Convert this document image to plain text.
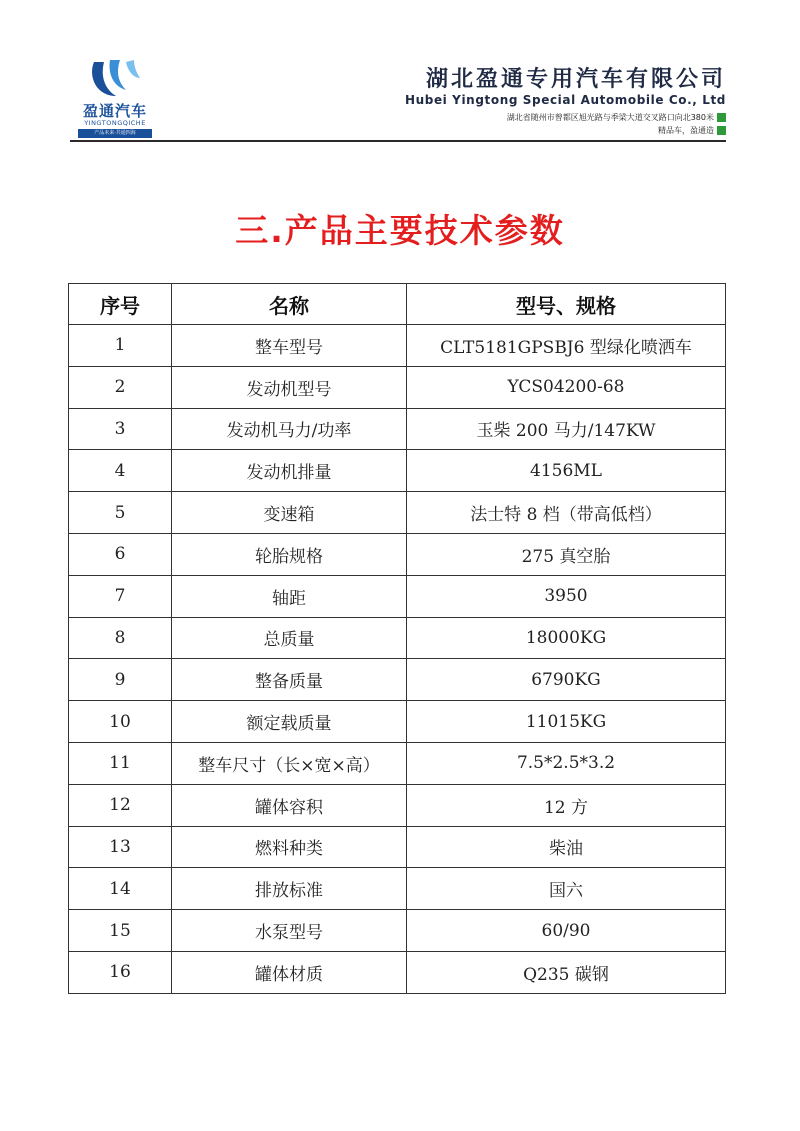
盈通汽车
YINGTONGQICHE
产品未来·共通四海
湖北盈通专用汽车有限公司
Hubei Yingtong Special Automobile Co., Ltd
湖北省随州市曾都区旭光路与季梁大道交叉路口向北380米
精品车，盈通造
三.产品主要技术参数
序号	名称	型号、规格
1	整车型号	CLT5181GPSBJ6 型绿化喷洒车
2	发动机型号	YCS04200-68
3	发动机马力/功率	玉柴 200 马力/147KW
4	发动机排量	4156ML
5	变速箱	法士特 8 档（带高低档）
6	轮胎规格	275 真空胎
7	轴距	3950
8	总质量	18000KG
9	整备质量	6790KG
10	额定载质量	11015KG
11	整车尺寸（长×宽×高）	7.5*2.5*3.2
12	罐体容积	12 方
13	燃料种类	柴油
14	排放标准	国六
15	水泵型号	60/90
16	罐体材质	Q235 碳钢
